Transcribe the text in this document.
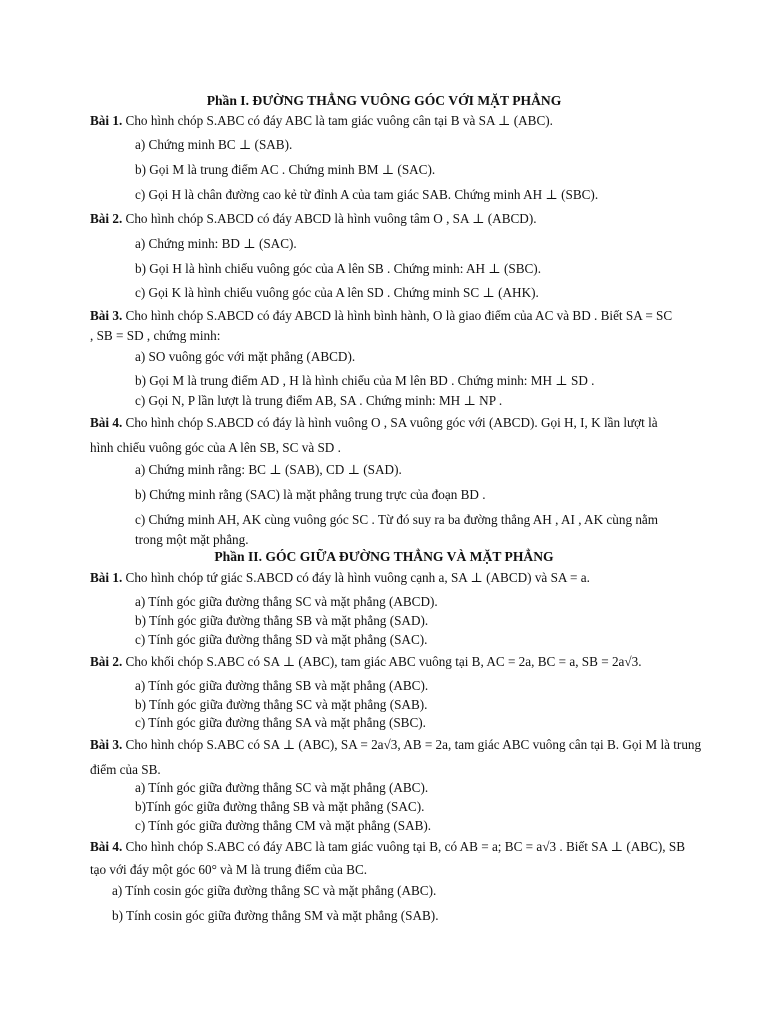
Phần I. ĐƯỜNG THẲNG VUÔNG GÓC VỚI MẶT PHẲNG
Bài 1. Cho hình chóp S.ABC có đáy ABC là tam giác vuông cân tại B và SA ⊥ (ABC).
a) Chứng minh BC ⊥ (SAB).
b) Gọi M là trung điểm AC . Chứng minh BM ⊥ (SAC).
c) Gọi H là chân đường cao kẻ từ đỉnh A của tam giác SAB. Chứng minh AH ⊥ (SBC).
Bài 2. Cho hình chóp S.ABCD có đáy ABCD là hình vuông tâm O , SA ⊥ (ABCD).
a) Chứng minh: BD ⊥ (SAC).
b) Gọi H là hình chiếu vuông góc của A lên SB . Chứng minh: AH ⊥ (SBC).
c) Gọi K là hình chiếu vuông góc của A lên SD . Chứng minh SC ⊥ (AHK).
Bài 3. Cho hình chóp S.ABCD có đáy ABCD là hình bình hành, O là giao điểm của AC và BD . Biết SA = SC
, SB = SD , chứng minh:
a) SO vuông góc với mặt phẳng (ABCD).
b) Gọi M là trung điểm AD , H là hình chiếu của M lên BD . Chứng minh: MH ⊥ SD .
c) Gọi N, P lần lượt là trung điểm AB, SA . Chứng minh: MH ⊥ NP .
Bài 4. Cho hình chóp S.ABCD có đáy là hình vuông O , SA vuông góc với (ABCD). Gọi H, I, K lần lượt là
hình chiếu vuông góc của A lên SB, SC và SD .
a) Chứng minh rằng: BC ⊥ (SAB), CD ⊥ (SAD).
b) Chứng minh rằng (SAC) là mặt phẳng trung trực của đoạn BD .
c) Chứng minh AH, AK cùng vuông góc SC . Từ đó suy ra ba đường thẳng AH , AI , AK cùng nằm
trong một mặt phẳng.
Phần II. GÓC GIỮA ĐƯỜNG THẲNG VÀ MẶT PHẲNG
Bài 1. Cho hình chóp tứ giác S.ABCD có đáy là hình vuông cạnh a, SA ⊥ (ABCD) và SA = a.
a) Tính góc giữa đường thẳng SC và mặt phẳng (ABCD).
b) Tính góc giữa đường thẳng SB và mặt phẳng (SAD).
c) Tính góc giữa đường thẳng SD và mặt phẳng (SAC).
Bài 2. Cho khối chóp S.ABC có SA ⊥ (ABC), tam giác ABC vuông tại B, AC = 2a, BC = a, SB = 2a√3.
a) Tính góc giữa đường thẳng SB và mặt phẳng (ABC).
b) Tính góc giữa đường thẳng SC và mặt phẳng (SAB).
c) Tính góc giữa đường thẳng SA và mặt phẳng (SBC).
Bài 3. Cho hình chóp S.ABC có SA ⊥ (ABC), SA = 2a√3, AB = 2a, tam giác ABC vuông cân tại B. Gọi M là trung
điểm của SB.
a) Tính góc giữa đường thẳng SC và mặt phẳng (ABC).
b)Tính góc giữa đường thẳng SB và mặt phẳng (SAC).
c) Tính góc giữa đường thẳng CM và mặt phẳng (SAB).
Bài 4. Cho hình chóp S.ABC có đáy ABC là tam giác vuông tại B, có AB = a; BC = a√3 . Biết SA ⊥ (ABC), SB
tạo với đáy một góc 60° và M là trung điểm của BC.
a) Tính cosin góc giữa đường thẳng SC và mặt phẳng (ABC).
b) Tính cosin góc giữa đường thẳng SM và mặt phẳng (SAB).
